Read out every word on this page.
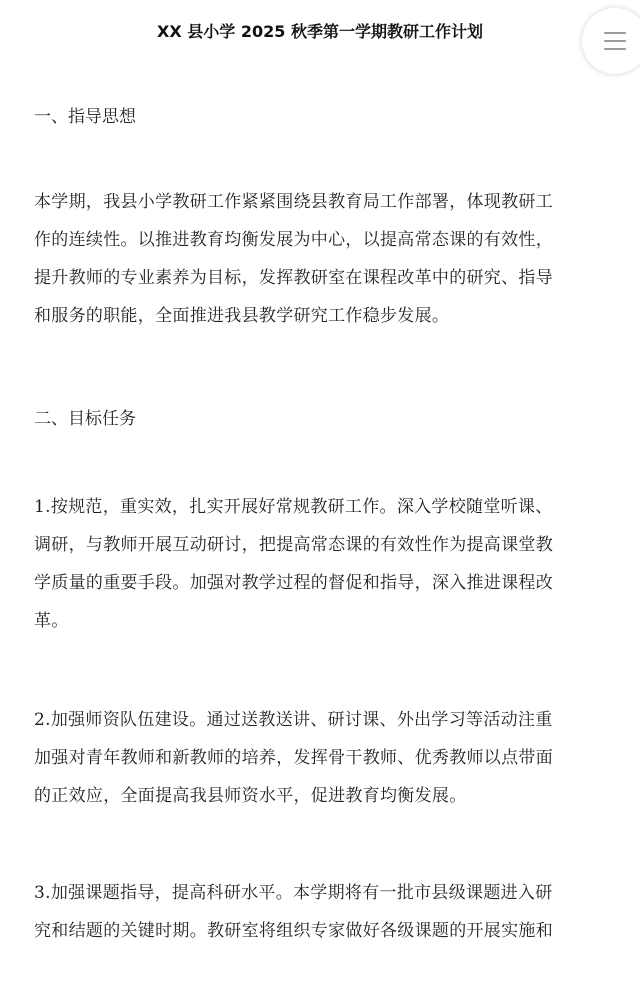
XX 县小学 2025 秋季第一学期教研工作计划
一、指导思想
本学期，我县小学教研工作紧紧围绕县教育局工作部署，体现教研工
作的连续性。以推进教育均衡发展为中心，以提高常态课的有效性，
提升教师的专业素养为目标，发挥教研室在课程改革中的研究、指导
和服务的职能，全面推进我县教学研究工作稳步发展。
二、目标任务
1.按规范，重实效，扎实开展好常规教研工作。深入学校随堂听课、
调研，与教师开展互动研讨，把提高常态课的有效性作为提高课堂教
学质量的重要手段。加强对教学过程的督促和指导，深入推进课程改
革。
2.加强师资队伍建设。通过送教送讲、研讨课、外出学习等活动注重
加强对青年教师和新教师的培养，发挥骨干教师、优秀教师以点带面
的正效应，全面提高我县师资水平，促进教育均衡发展。
3.加强课题指导，提高科研水平。本学期将有一批市县级课题进入研
究和结题的关键时期。教研室将组织专家做好各级课题的开展实施和
